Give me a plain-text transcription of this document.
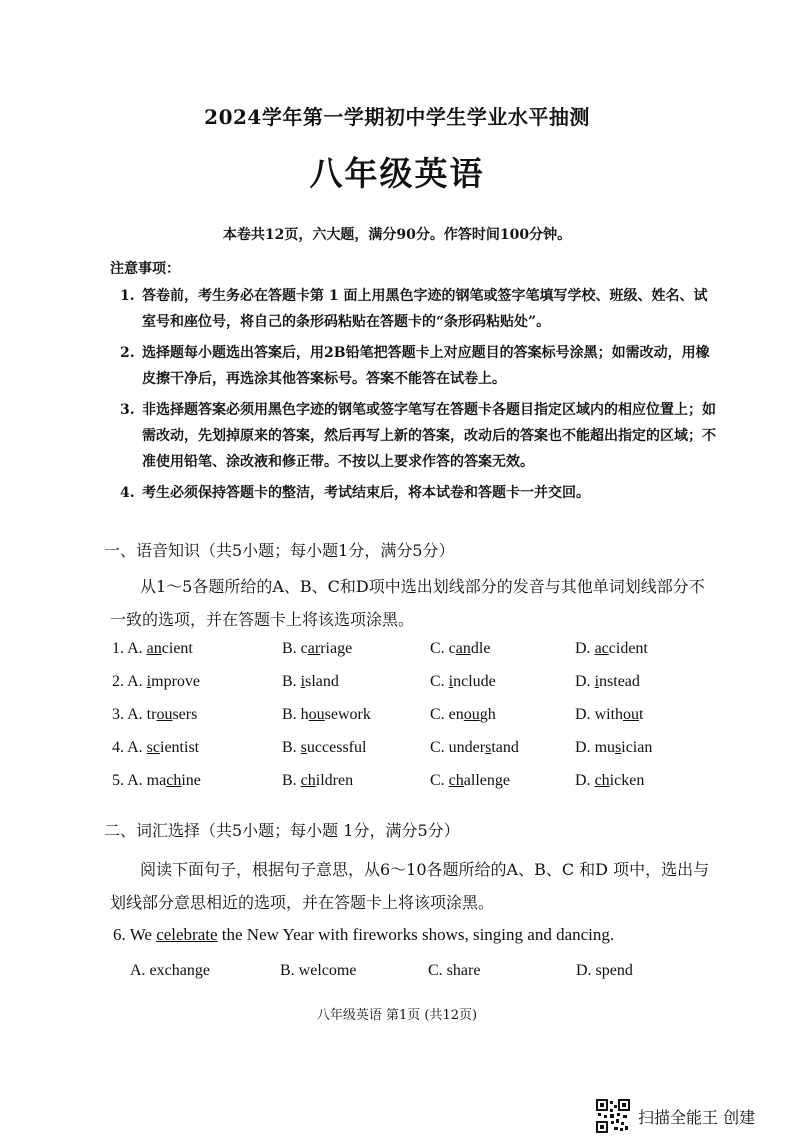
2024学年第一学期初中学生学业水平抽测
八年级英语
本卷共12页，六大题，满分90分。作答时间100分钟。
注意事项：
1. 答卷前，考生务必在答题卡第 1 面上用黑色字迹的钢笔或签字笔填写学校、班级、姓名、试室号和座位号，将自己的条形码粘贴在答题卡的“条形码粘贴处”。
2. 选择题每小题选出答案后，用2B铅笔把答题卡上对应题目的答案标号涂黑；如需改动，用橡皮擦干净后，再选涂其他答案标号。答案不能答在试卷上。
3. 非选择题答案必须用黑色字迹的钢笔或签字笔写在答题卡各题目指定区域内的相应位置上；如需改动，先划掉原来的答案，然后再写上新的答案，改动后的答案也不能超出指定的区域；不准使用铅笔、涂改液和修正带。不按以上要求作答的答案无效。
4. 考生必须保持答题卡的整洁，考试结束后，将本试卷和答题卡一并交回。
一、语音知识（共5小题；每小题1分，满分5分）
从1～5各题所给的A、B、C和D项中选出划线部分的发音与其他单词划线部分不一致的选项，并在答题卡上将该选项涂黑。
1. A. ancient	B. carriage	C. candle	D. accident
2. A. improve	B. island	C. include	D. instead
3. A. trousers	B. housework	C. enough	D. without
4. A. scientist	B. successful	C. understand	D. musician
5. A. machine	B. children	C. challenge	D. chicken
二、词汇选择（共5小题；每小题 1分，满分5分）
阅读下面句子，根据句子意思，从6～10各题所给的A、B、C 和D 项中，选出与划线部分意思相近的选项，并在答题卡上将该项涂黑。
6. We celebrate the New Year with fireworks shows, singing and dancing.
A. exchange	B. welcome	C. share	D. spend
八年级英语 第1页 (共12页)
扫描全能王 创建
